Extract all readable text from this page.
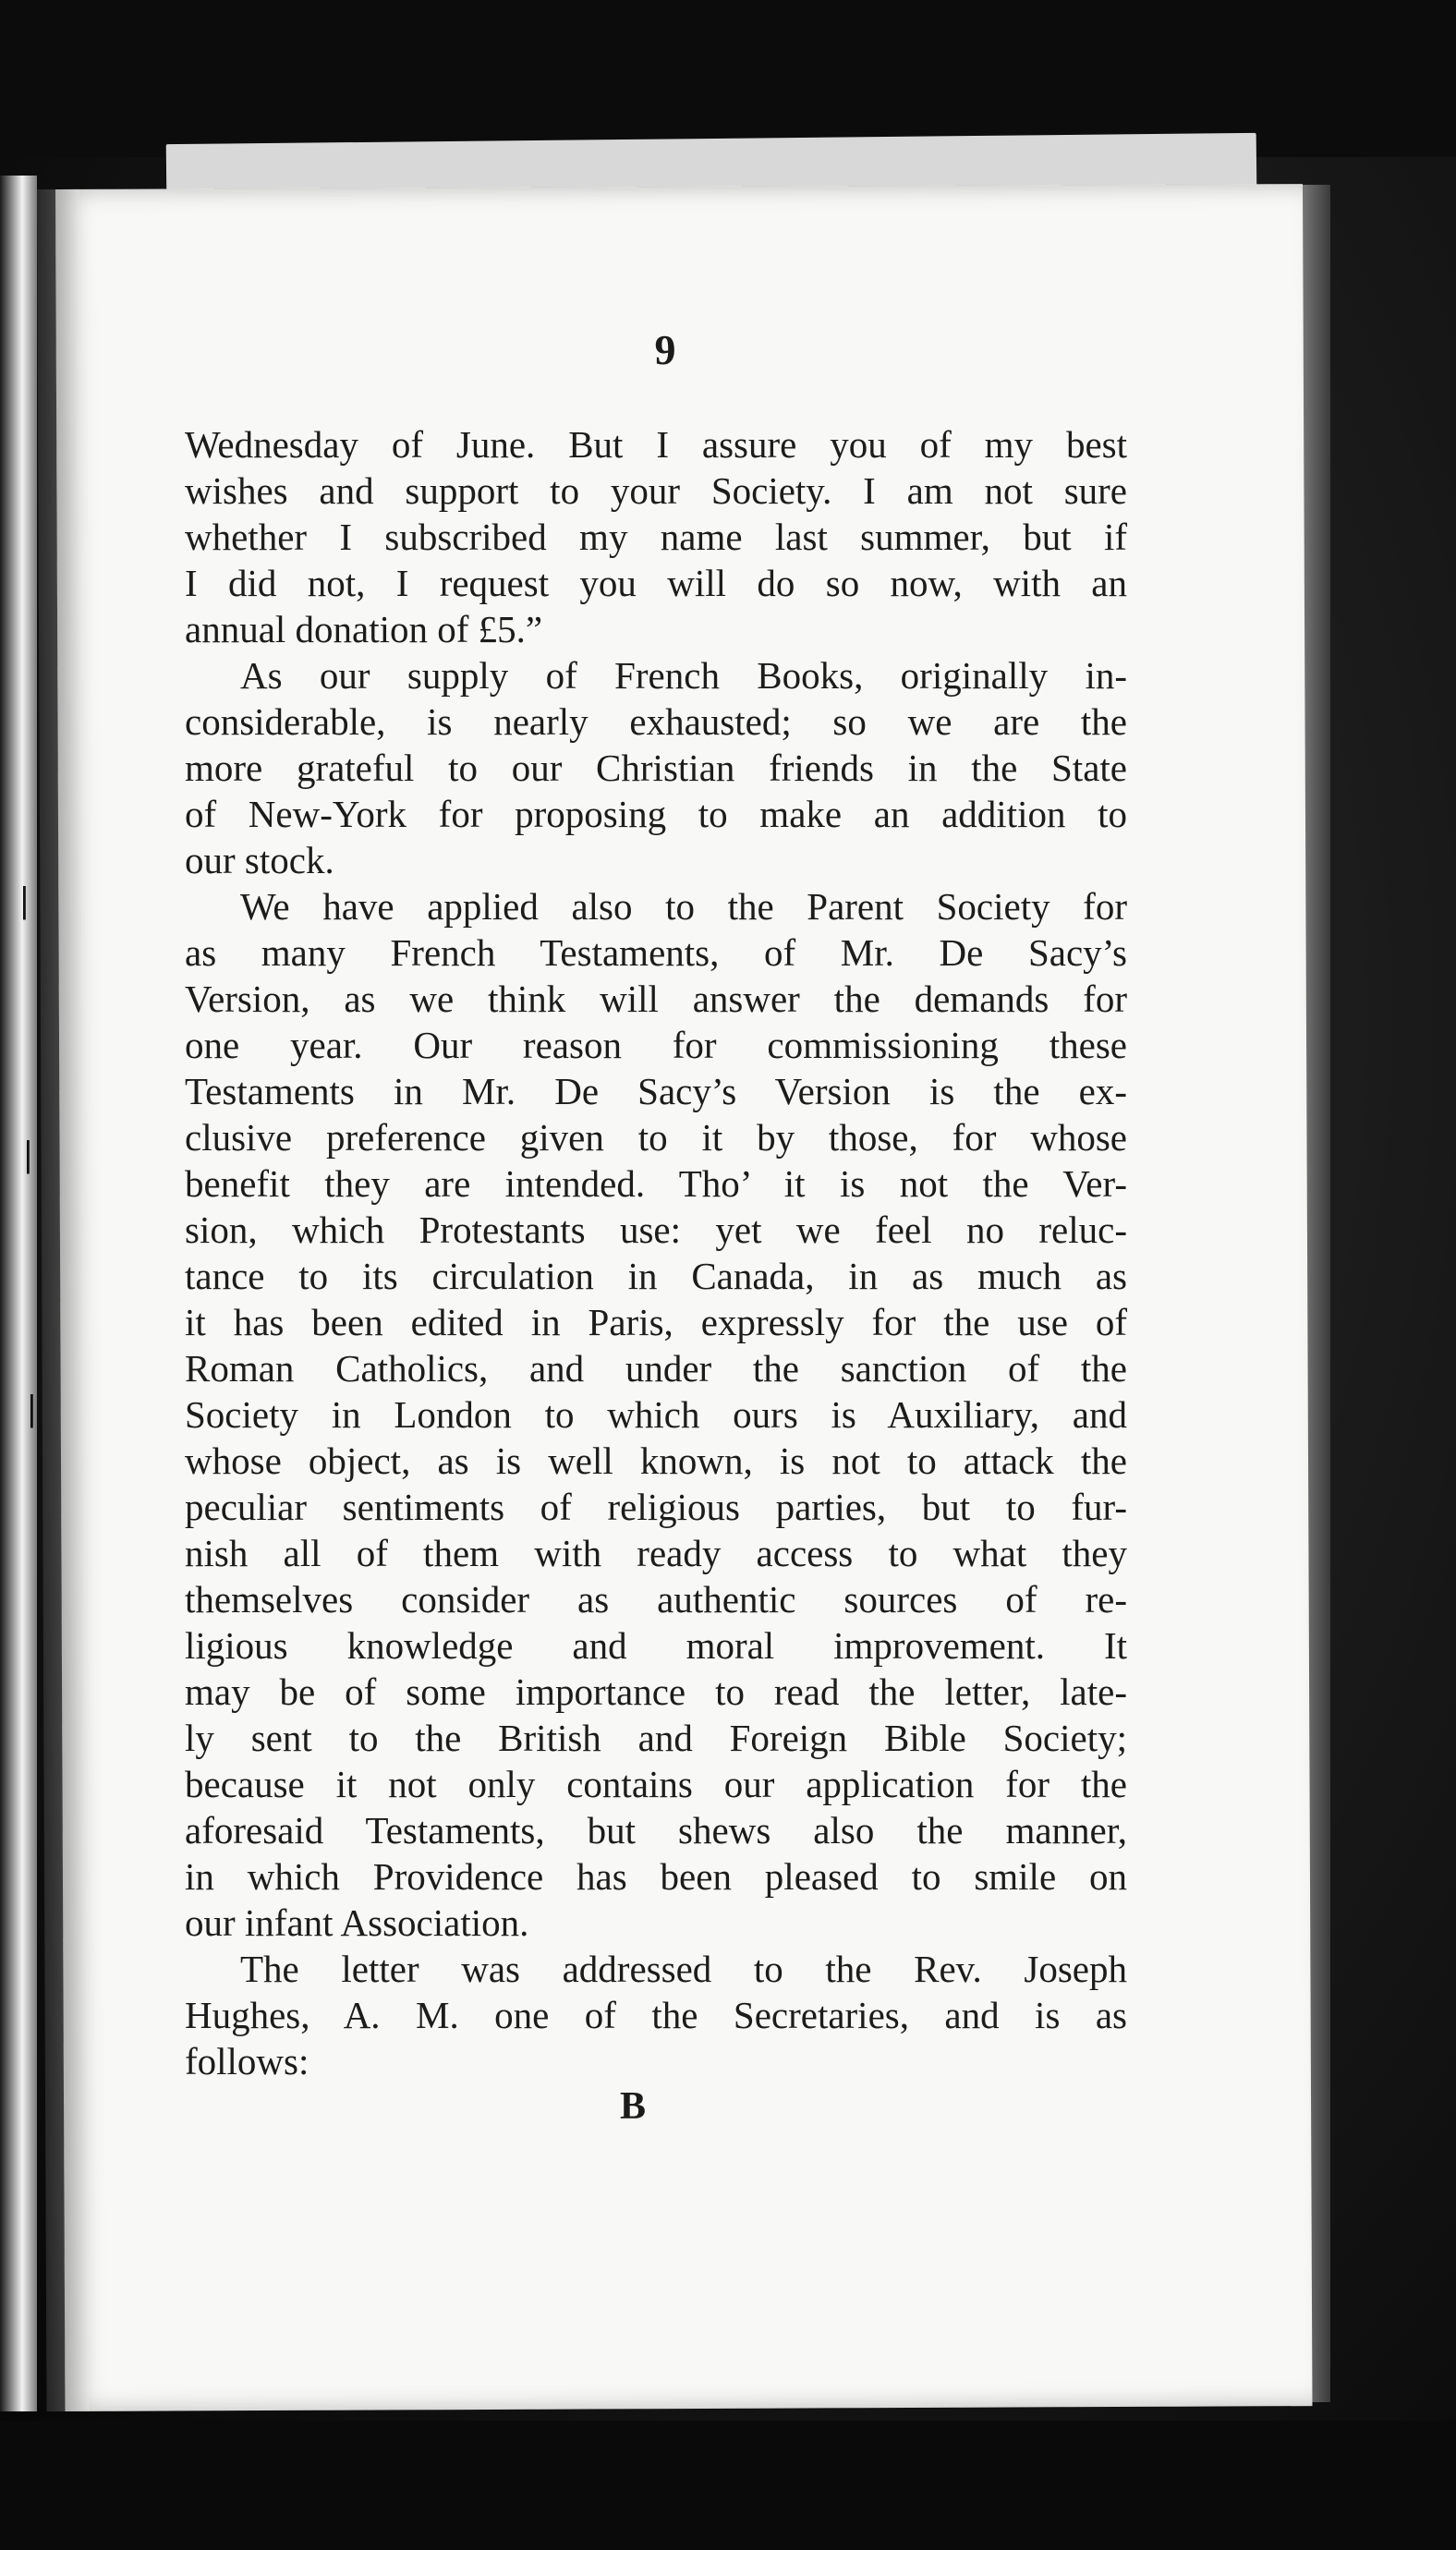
|
|
|
9
Wednesday of June. But I assure you of my best
wishes and support to your Society. I am not sure
whether I subscribed my name last summer, but if
I did not, I request you will do so now, with an
annual donation of £5.”
As our supply of French Books, originally in-
considerable, is nearly exhausted; so we are the
more grateful to our Christian friends in the State
of New-York for proposing to make an addition to
our stock.
We have applied also to the Parent Society for
as many French Testaments, of Mr. De Sacy’s
Version, as we think will answer the demands for
one year. Our reason for commissioning these
Testaments in Mr. De Sacy’s Version is the ex-
clusive preference given to it by those, for whose
benefit they are intended. Tho’ it is not the Ver-
sion, which Protestants use: yet we feel no reluc-
tance to its circulation in Canada, in as much as
it has been edited in Paris, expressly for the use of
Roman Catholics, and under the sanction of the
Society in London to which ours is Auxiliary, and
whose object, as is well known, is not to attack the
peculiar sentiments of religious parties, but to fur-
nish all of them with ready access to what they
themselves consider as authentic sources of re-
ligious knowledge and moral improvement. It
may be of some importance to read the letter, late-
ly sent to the British and Foreign Bible Society;
because it not only contains our application for the
aforesaid Testaments, but shews also the manner,
in which Providence has been pleased to smile on
our infant Association.
The letter was addressed to the Rev. Joseph
Hughes, A. M. one of the Secretaries, and is as
follows:
B
